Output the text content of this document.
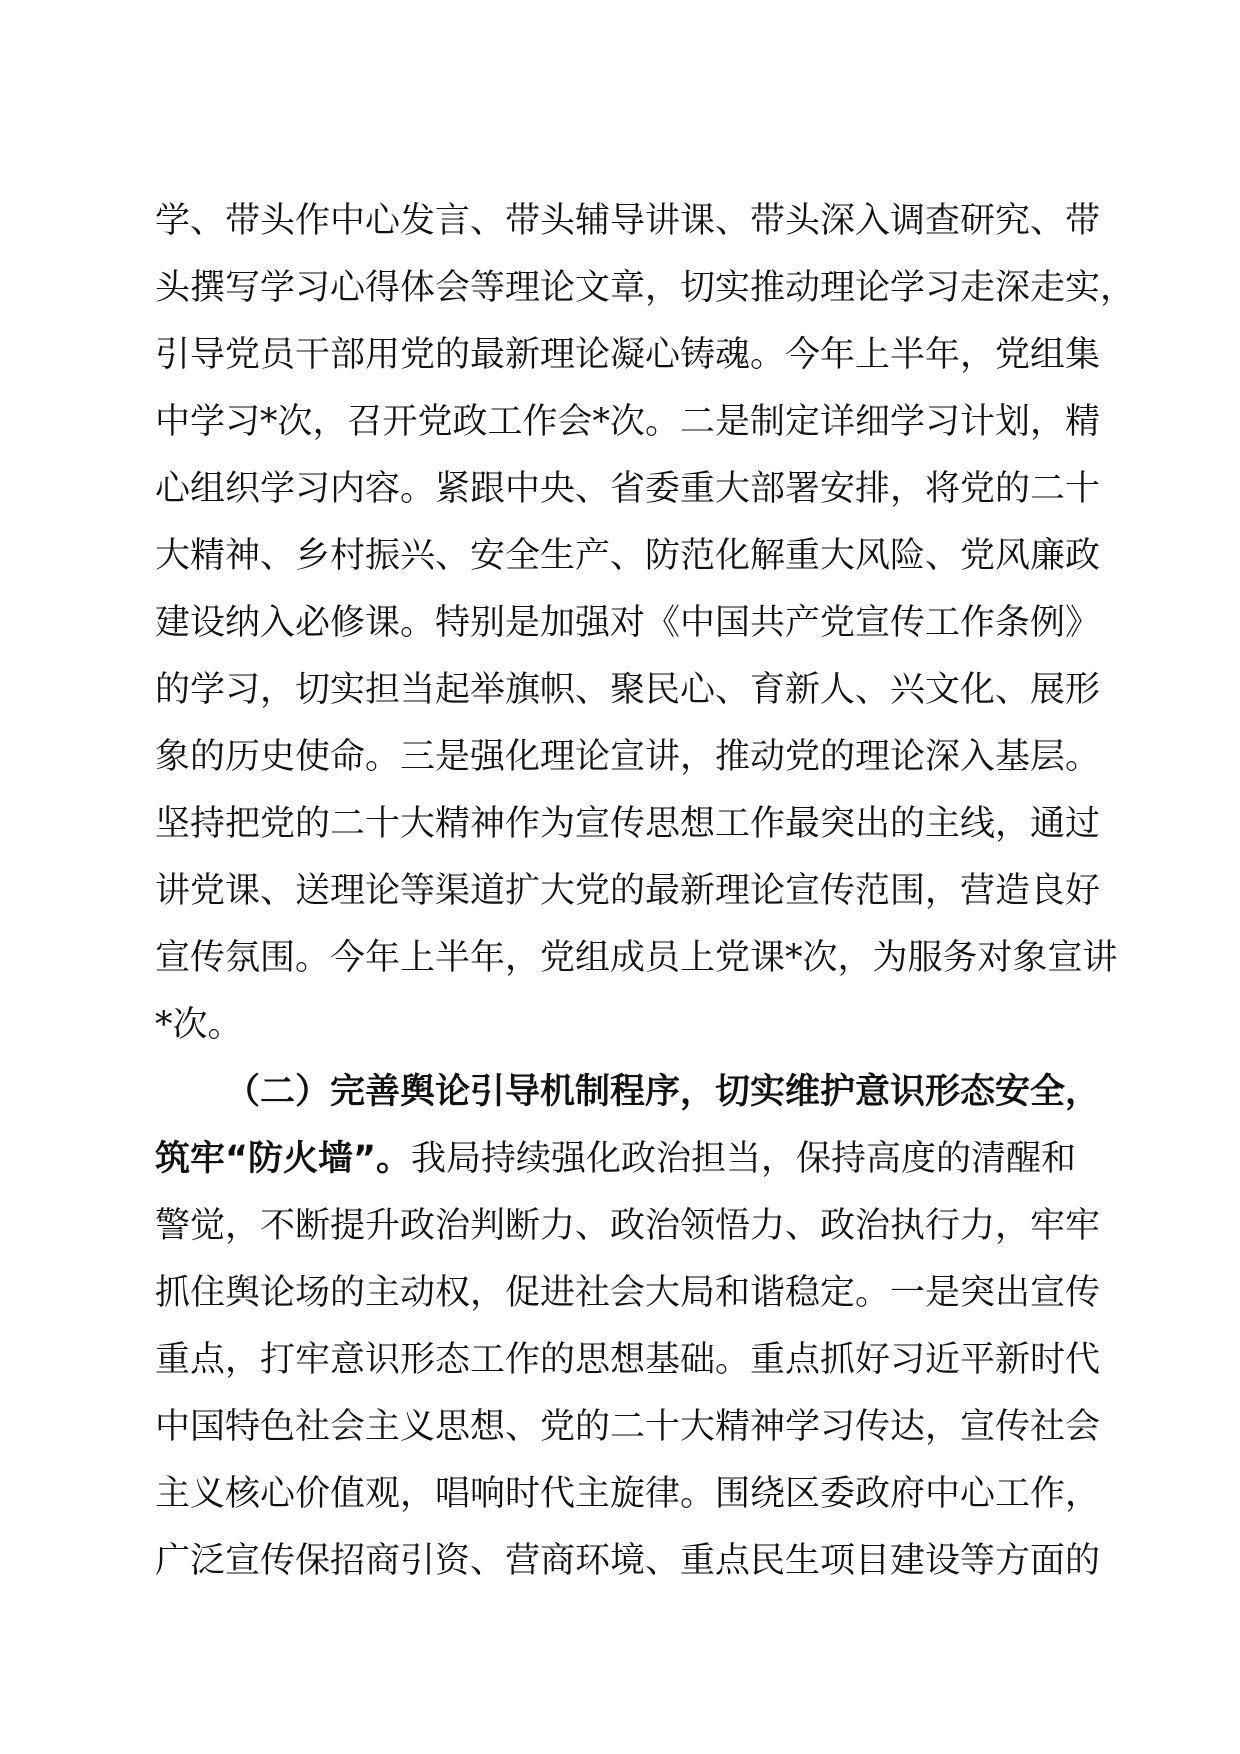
学、带头作中心发言、带头辅导讲课、带头深入调查研究、带
头撰写学习心得体会等理论文章，切实推动理论学习走深走实，
引导党员干部用党的最新理论凝心铸魂。今年上半年，党组集
中学习*次，召开党政工作会*次。二是制定详细学习计划，精
心组织学习内容。紧跟中央、省委重大部署安排，将党的二十
大精神、乡村振兴、安全生产、防范化解重大风险、党风廉政
建设纳入必修课。特别是加强对《中国共产党宣传工作条例》
的学习，切实担当起举旗帜、聚民心、育新人、兴文化、展形
象的历史使命。三是强化理论宣讲，推动党的理论深入基层。
坚持把党的二十大精神作为宣传思想工作最突出的主线，通过
讲党课、送理论等渠道扩大党的最新理论宣传范围，营造良好
宣传氛围。今年上半年，党组成员上党课*次，为服务对象宣讲
*次。
（二）完善舆论引导机制程序，切实维护意识形态安全，
筑牢“防火墙”。我局持续强化政治担当，保持高度的清醒和
警觉，不断提升政治判断力、政治领悟力、政治执行力，牢牢
抓住舆论场的主动权，促进社会大局和谐稳定。一是突出宣传
重点，打牢意识形态工作的思想基础。重点抓好习近平新时代
中国特色社会主义思想、党的二十大精神学习传达，宣传社会
主义核心价值观，唱响时代主旋律。围绕区委政府中心工作，
广泛宣传保招商引资、营商环境、重点民生项目建设等方面的
